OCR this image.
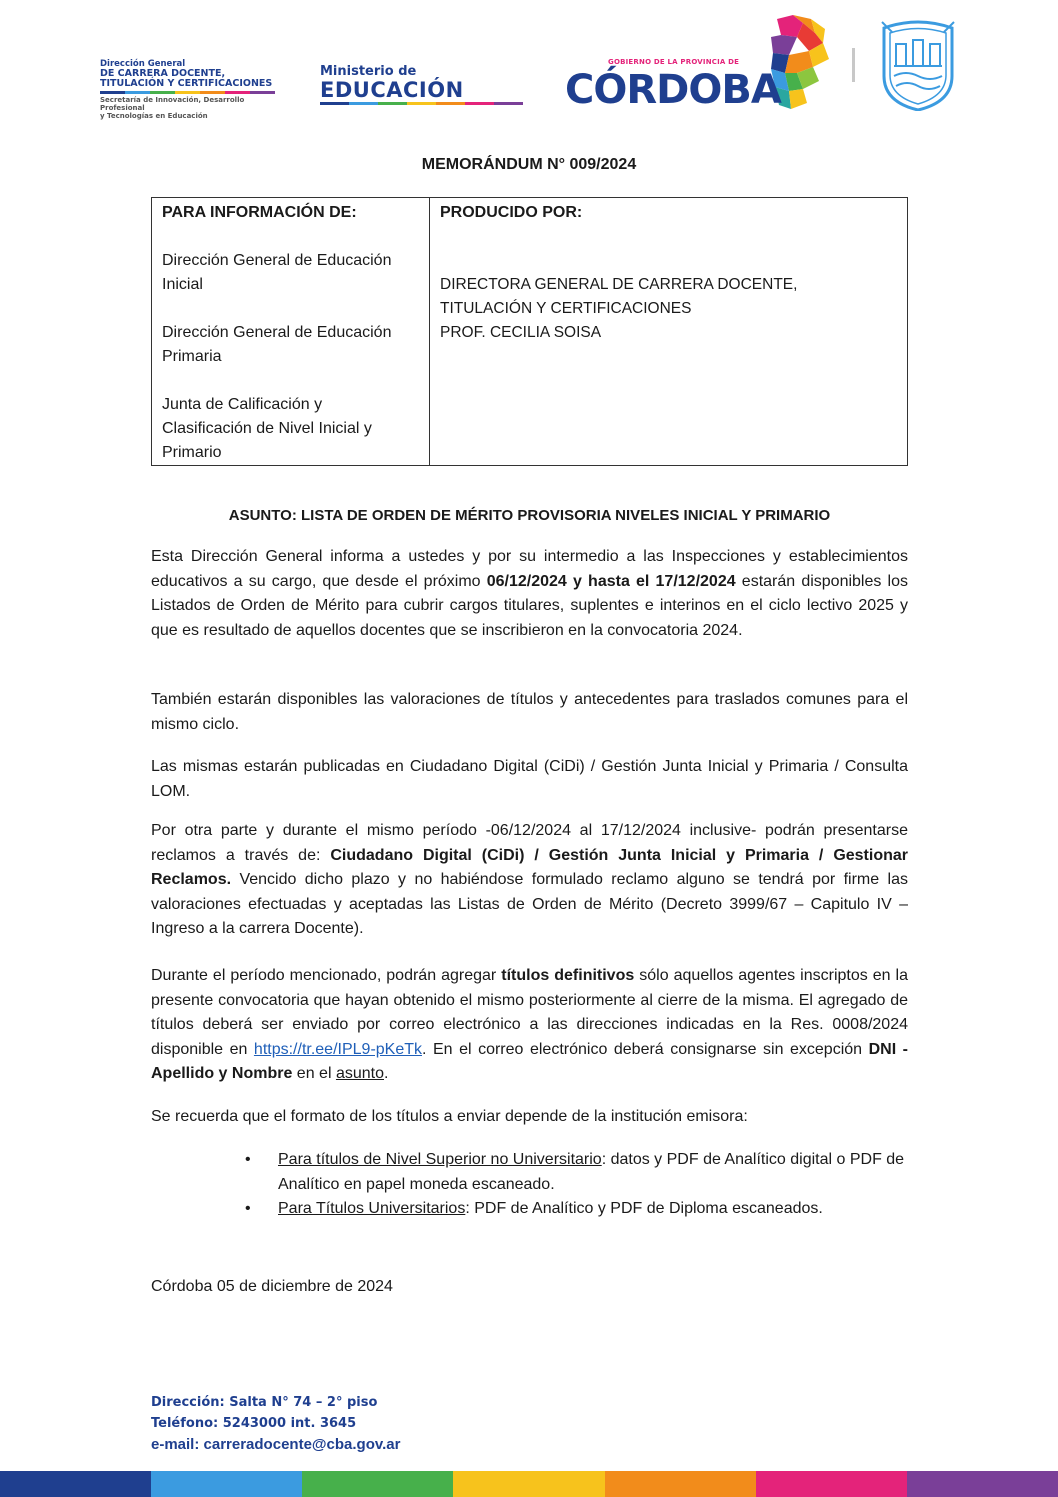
Dirección General
DE CARRERA DOCENTE,
TITULACIÓN Y CERTIFICACIONES
Secretaría de Innovación, Desarrollo Profesional
y Tecnologías en Educación
Ministerio de
EDUCACIÓN
GOBIERNO DE LA PROVINCIA DE
CÓRDOBA
MEMORÁNDUM N° 009/2024
PARA INFORMACIÓN DE:
Dirección General de Educación
Inicial
Dirección General de Educación
Primaria
Junta de Calificación y
Clasificación de Nivel Inicial y
Primario

PRODUCIDO POR:
DIRECTORA GENERAL DE CARRERA DOCENTE,
TITULACIÓN Y CERTIFICACIONES
PROF. CECILIA SOISA
ASUNTO: LISTA DE ORDEN DE MÉRITO PROVISORIA NIVELES INICIAL Y PRIMARIO
Esta Dirección General informa a ustedes y por su intermedio a las Inspecciones y establecimientos educativos a su cargo, que desde el próximo 06/12/2024 y hasta el 17/12/2024 estarán disponibles los Listados de Orden de Mérito para cubrir cargos titulares, suplentes e interinos en el ciclo lectivo 2025 y que es resultado de aquellos docentes que se inscribieron en la convocatoria 2024.
También estarán disponibles las valoraciones de títulos y antecedentes para traslados comunes para el mismo ciclo.
Las mismas estarán publicadas en Ciudadano Digital (CiDi) / Gestión Junta Inicial y Primaria / Consulta LOM.
Por otra parte y durante el mismo período -06/12/2024 al 17/12/2024 inclusive- podrán presentarse reclamos a través de: Ciudadano Digital (CiDi) / Gestión Junta Inicial y Primaria / Gestionar Reclamos. Vencido dicho plazo y no habiéndose formulado reclamo alguno se tendrá por firme las valoraciones efectuadas y aceptadas las Listas de Orden de Mérito (Decreto 3999/67 – Capitulo IV – Ingreso a la carrera Docente).
Durante el período mencionado, podrán agregar títulos definitivos sólo aquellos agentes inscriptos en la presente convocatoria que hayan obtenido el mismo posteriormente al cierre de la misma. El agregado de títulos deberá ser enviado por correo electrónico a las direcciones indicadas en la Res. 0008/2024 disponible en https://tr.ee/IPL9-pKeTk. En el correo electrónico deberá consignarse sin excepción DNI - Apellido y Nombre en el asunto.
Se recuerda que el formato de los títulos a enviar depende de la institución emisora:
• Para títulos de Nivel Superior no Universitario: datos y PDF de Analítico digital o PDF de Analítico en papel moneda escaneado.
• Para Títulos Universitarios: PDF de Analítico y PDF de Diploma escaneados.
Córdoba 05 de diciembre de 2024
Dirección: Salta N° 74 – 2° piso
Teléfono: 5243000 int. 3645
e-mail: carreradocente@cba.gov.ar
